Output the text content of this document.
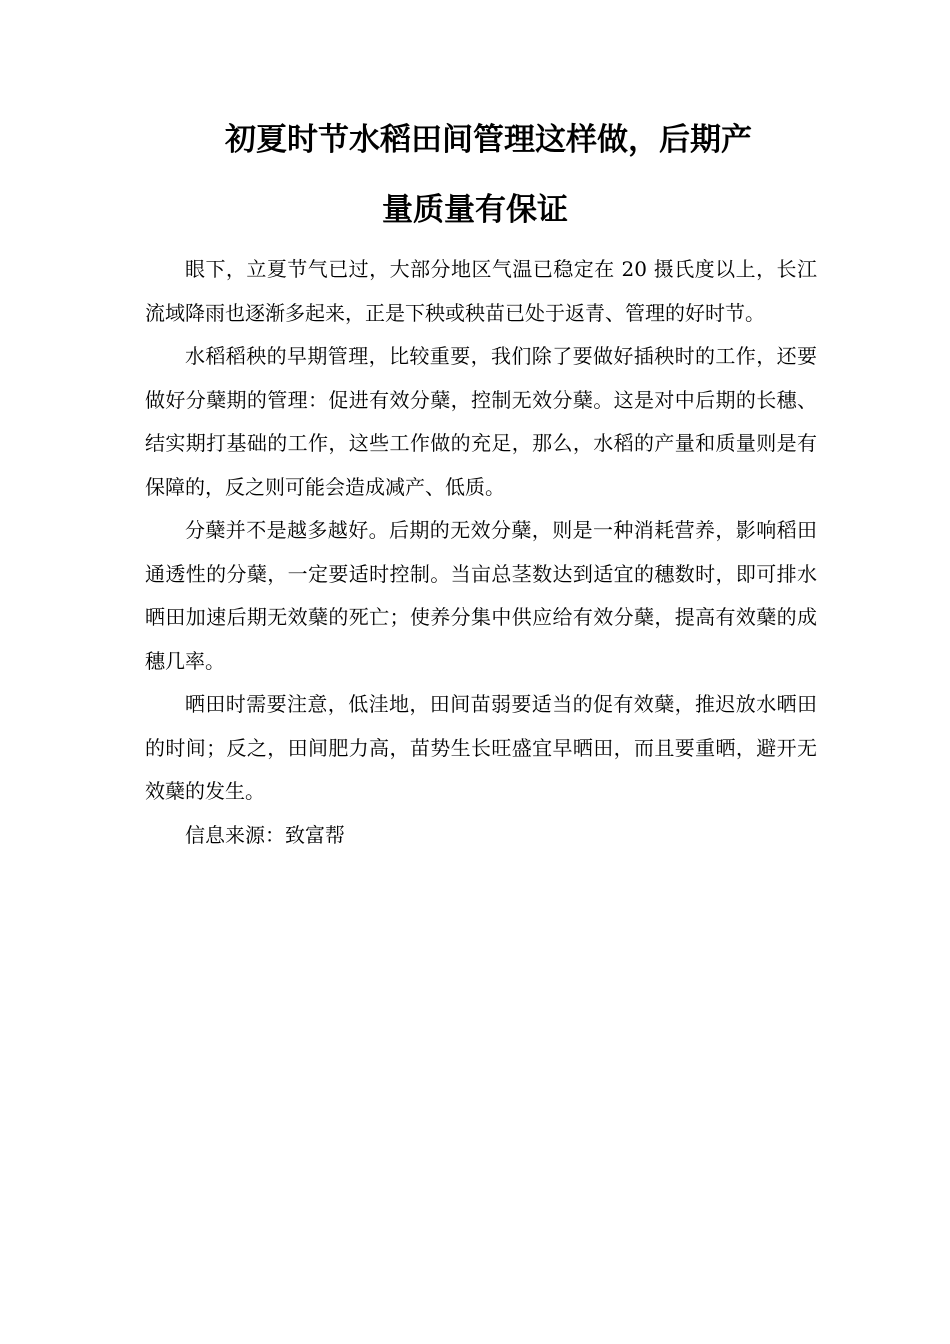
初夏时节水稻田间管理这样做，后期产

量质量有保证

眼下，立夏节气已过，大部分地区气温已稳定在 20 摄氏度以上，长江流域降雨也逐渐多起来，正是下秧或秧苗已处于返青、管理的好时节。

水稻稻秧的早期管理，比较重要，我们除了要做好插秧时的工作，还要做好分蘖期的管理：促进有效分蘖，控制无效分蘖。这是对中后期的长穗、结实期打基础的工作，这些工作做的充足，那么，水稻的产量和质量则是有保障的，反之则可能会造成减产、低质。

分蘖并不是越多越好。后期的无效分蘖，则是一种消耗营养，影响稻田通透性的分蘖，一定要适时控制。当亩总茎数达到适宜的穗数时，即可排水晒田加速后期无效蘖的死亡；使养分集中供应给有效分蘖，提高有效蘖的成穗几率。

晒田时需要注意，低洼地，田间苗弱要适当的促有效蘖，推迟放水晒田的时间；反之，田间肥力高，苗势生长旺盛宜早晒田，而且要重晒，避开无效蘖的发生。

信息来源：致富帮
